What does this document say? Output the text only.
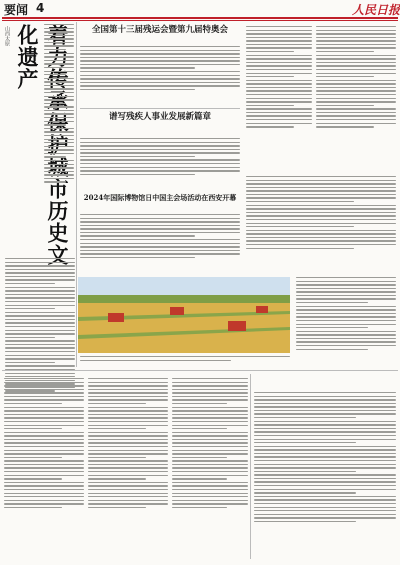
要闻 4	人民日报
山西太原	着力传承保护城市历史文化遗产	全国第十三届残运会暨第九届特奥会
谱写残疾人事业发展新篇章
2024年国际博物馆日中国主会场活动在西安开幕
